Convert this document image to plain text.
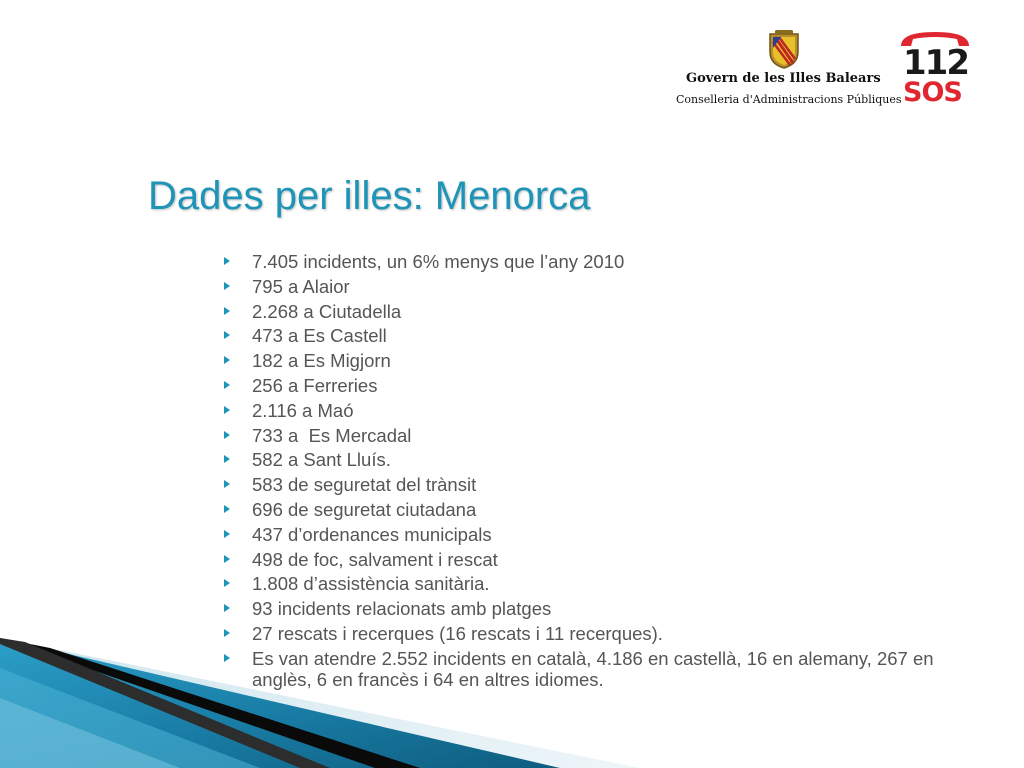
Govern de les Illes Balears
Conselleria d'Administracions Públiques
112
SOS
Dades per illes: Menorca
7.405 incidents, un 6% menys que l’any 2010
795 a Alaior
2.268 a Ciutadella
473 a Es Castell
182 a Es Migjorn
256 a Ferreries
2.116 a Maó
733 a  Es Mercadal
582 a Sant Lluís.
583 de seguretat del trànsit
696 de seguretat ciutadana
437 d’ordenances municipals
498 de foc, salvament i rescat
1.808 d’assistència sanitària.
93 incidents relacionats amb platges
27 rescats i recerques (16 rescats i 11 recerques).
Es van atendre 2.552 incidents en català, 4.186 en castellà, 16 en alemany, 267 en anglès, 6 en francès i 64 en altres idiomes.
